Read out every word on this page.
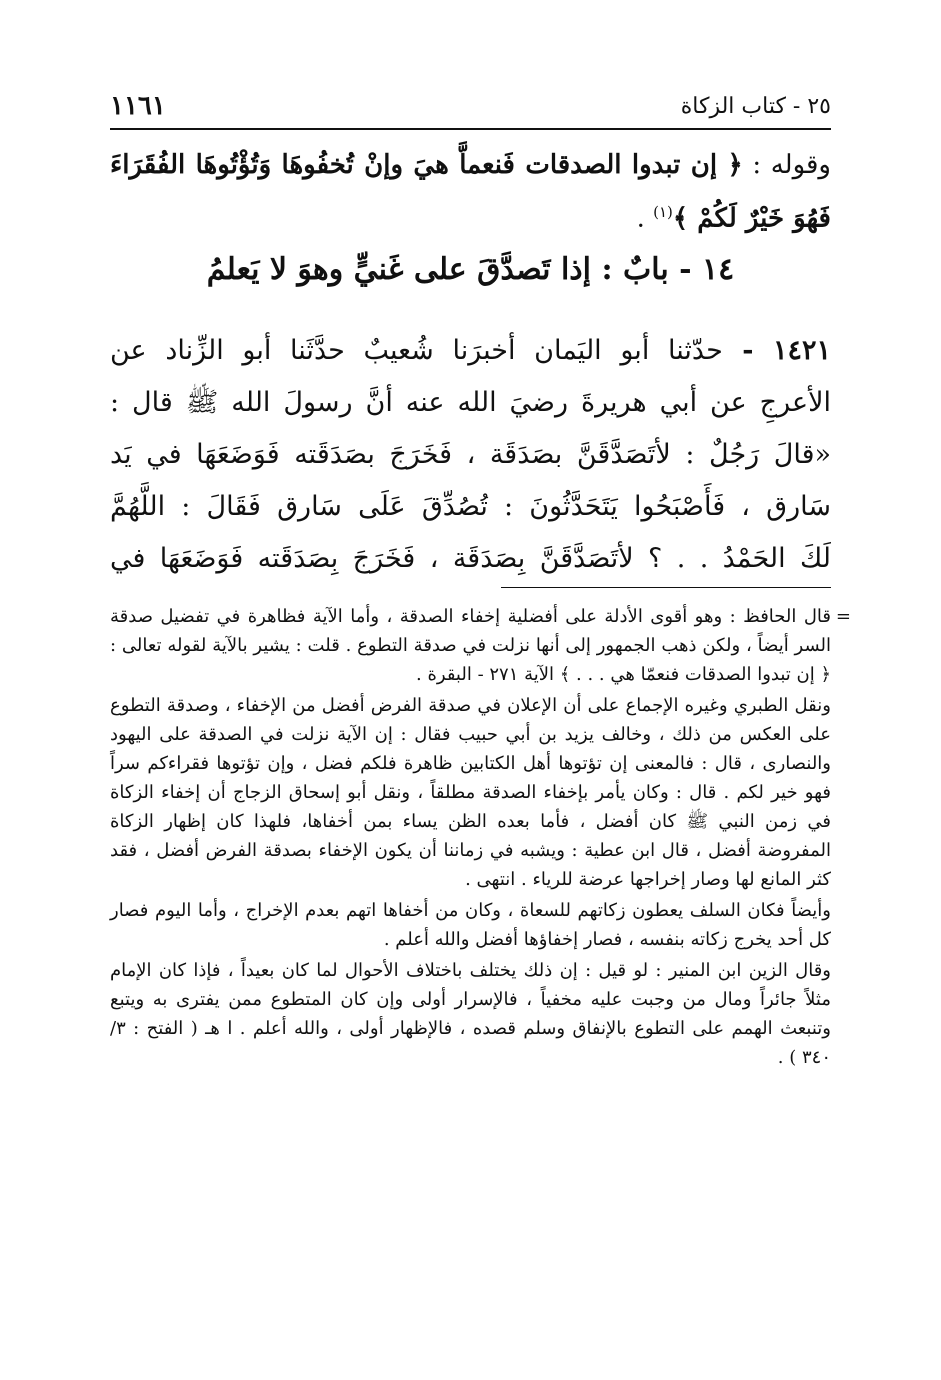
٢٥ - كتاب الزكاة
١١٦١
وقوله : ﴿ إن تبدوا الصدقات فَنعماَّ هيَ وإنْ تُخفُوهَا وَتُؤْتُوهَا الفُقَرَاءَ فَهُوَ خَيْرٌ لَكُمْ ﴾$^{(١)}$ .
١٤ - بابٌ : إذا تَصدَّقَ على غَنيٍّ وهوَ لا يَعلمُ
١٤٢١ - حدّثنا أبو اليَمان أخبرَنا شُعيبٌ حدَّثَنا أبو الزِّناد عن
الأعرجِ عن أبي هريرةَ رضيَ الله عنه أنَّ رسولَ الله ﷺ قال :
«قالَ رَجُلٌ : لأتَصَدَّقَنَّ بصَدَقَة ، فَخَرَجَ بصَدَقَته فَوَضَعَهَا في يَد
سَارق ، فَأَصْبَحُوا يَتَحَدَّثُونَ : تُصُدِّقَ عَلَى سَارق فَقَالَ : اللَّهُمَّ
لَكَ الحَمْدُ . . ؟ لأتَصَدَّقَنَّ بِصَدَقَة ، فَخَرَجَ بِصَدَقَته فَوَضَعَهَا في
=

قال الحافظ : وهو أقوى الأدلة على أفضلية إخفاء الصدقة ، وأما الآية فظاهرة في تفضيل صدقة السر أيضاً ، ولكن ذهب الجمهور إلى أنها نزلت في صدقة التطوع . قلت : يشير بالآية لقوله تعالى : ﴿ إن تبدوا الصدقات فنعمّا هي . . . ﴾ الآية ٢٧١ - البقرة .

ونقل الطبري وغيره الإجماع على أن الإعلان في صدقة الفرض أفضل من الإخفاء ، وصدقة التطوع على العكس من ذلك ، وخالف يزيد بن أبي حبيب فقال : إن الآية نزلت في الصدقة على اليهود والنصارى ، قال : فالمعنى إن تؤتوها أهل الكتابين ظاهرة فلكم فضل ، وإن تؤتوها فقراءكم سراً فهو خير لكم . قال : وكان يأمر بإخفاء الصدقة مطلقاً ، ونقل أبو إسحاق الزجاج أن إخفاء الزكاة في زمن النبي ﷺ كان أفضل ، فأما بعده الظن يساء بمن أخفاها، فلهذا كان إظهار الزكاة المفروضة أفضل ، قال ابن عطية : ويشبه في زماننا أن يكون الإخفاء بصدقة الفرض أفضل ، فقد كثر المانع لها وصار إخراجها عرضة للرياء . انتهى .

وأيضاً فكان السلف يعطون زكاتهم للسعاة ، وكان من أخفاها اتهم بعدم الإخراج ، وأما اليوم فصار كل أحد يخرج زكاته بنفسه ، فصار إخفاؤها أفضل والله أعلم .

وقال الزين ابن المنير : لو قيل : إن ذلك يختلف باختلاف الأحوال لما كان بعيداً ، فإذا كان الإمام مثلاً جائراً ومال من وجبت عليه مخفياً ، فالإسرار أولى وإن كان المتطوع ممن يفترى به ويتبع وتنبعث الهمم على التطوع بالإنفاق وسلم قصده ، فالإظهار أولى ، والله أعلم . ا هـ ( الفتح : ٣/ ٣٤٠ ) .
